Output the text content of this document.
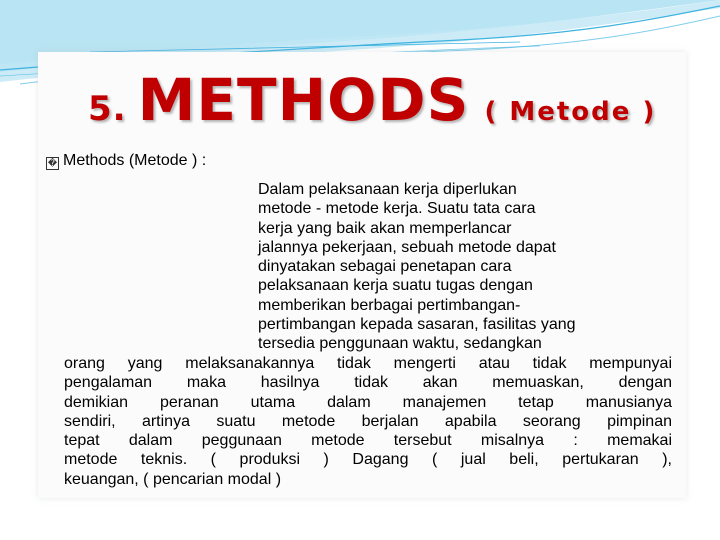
5. METHODS ( Metode )
� Methods (Metode ) :
Dalam pelaksanaan kerja diperlukan
metode - metode kerja. Suatu tata cara
kerja yang baik akan memperlancar
jalannya pekerjaan, sebuah metode dapat
dinyatakan sebagai penetapan cara
pelaksanaan kerja suatu tugas dengan
memberikan berbagai pertimbangan-
pertimbangan kepada sasaran, fasilitas yang
tersedia penggunaan waktu, sedangkan
orang yang melaksanakannya tidak mengerti atau tidak mempunyai
pengalaman maka hasilnya tidak akan memuaskan, dengan
demikian peranan utama dalam manajemen tetap manusianya
sendiri, artinya suatu metode berjalan apabila seorang pimpinan
tepat dalam peggunaan metode tersebut misalnya : memakai
metode teknis. ( produksi ) Dagang ( jual beli, pertukaran ),
keuangan, ( pencarian modal )
